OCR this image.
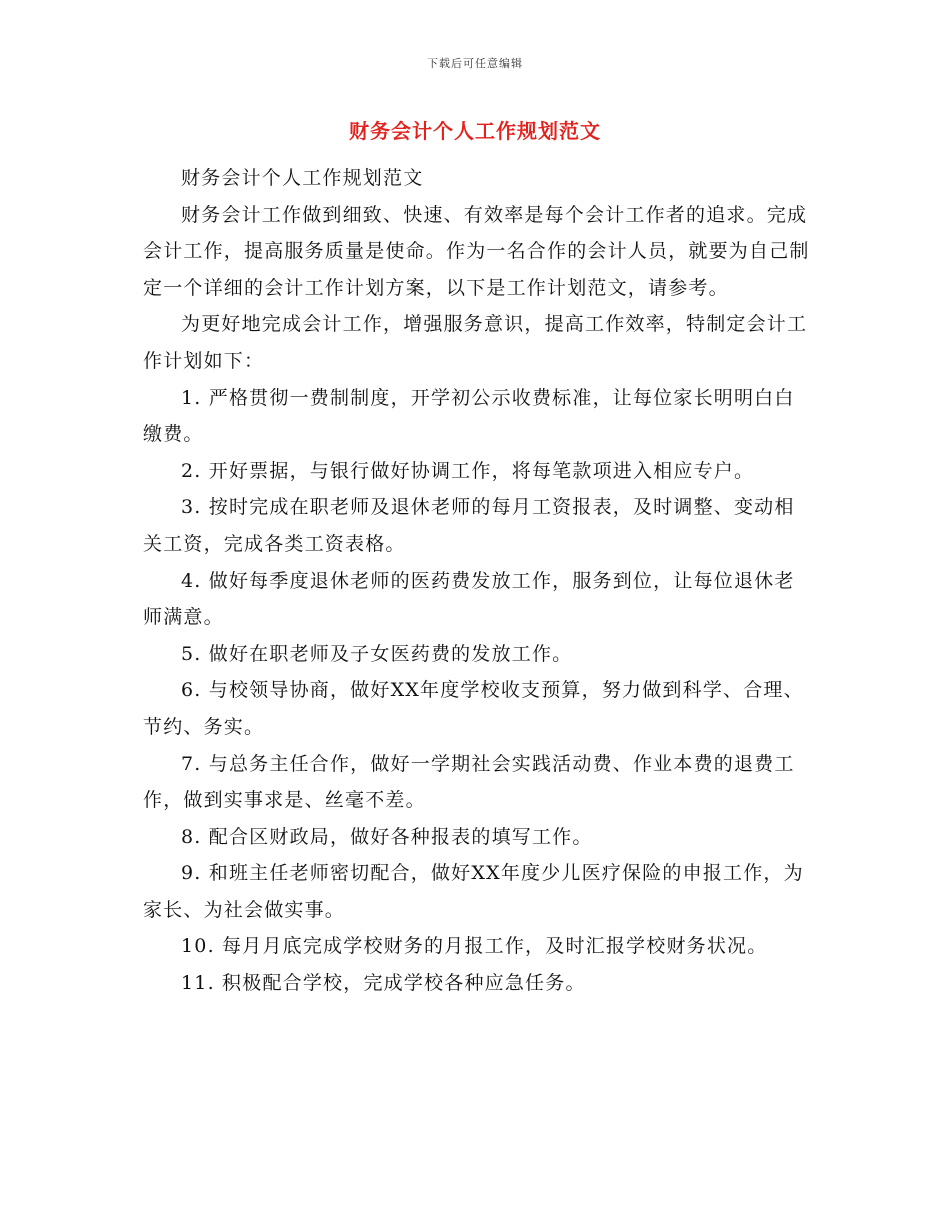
下载后可任意编辑
财务会计个人工作规划范文

财务会计个人工作规划范文

财务会计工作做到细致、快速、有效率是每个会计工作者的追求。完成会计工作，提高服务质量是使命。作为一名合作的会计人员，就要为自己制定一个详细的会计工作计划方案，以下是工作计划范文，请参考。

为更好地完成会计工作，增强服务意识，提高工作效率，特制定会计工作计划如下：

1. 严格贯彻一费制制度，开学初公示收费标准，让每位家长明明白白缴费。

2. 开好票据，与银行做好协调工作，将每笔款项进入相应专户。

3. 按时完成在职老师及退休老师的每月工资报表，及时调整、变动相关工资，完成各类工资表格。

4. 做好每季度退休老师的医药费发放工作，服务到位，让每位退休老师满意。

5. 做好在职老师及子女医药费的发放工作。

6. 与校领导协商，做好XX年度学校收支预算，努力做到科学、合理、节约、务实。

7. 与总务主任合作，做好一学期社会实践活动费、作业本费的退费工作，做到实事求是、丝毫不差。

8. 配合区财政局，做好各种报表的填写工作。

9. 和班主任老师密切配合，做好XX年度少儿医疗保险的申报工作，为家长、为社会做实事。

10. 每月月底完成学校财务的月报工作，及时汇报学校财务状况。

11. 积极配合学校，完成学校各种应急任务。
